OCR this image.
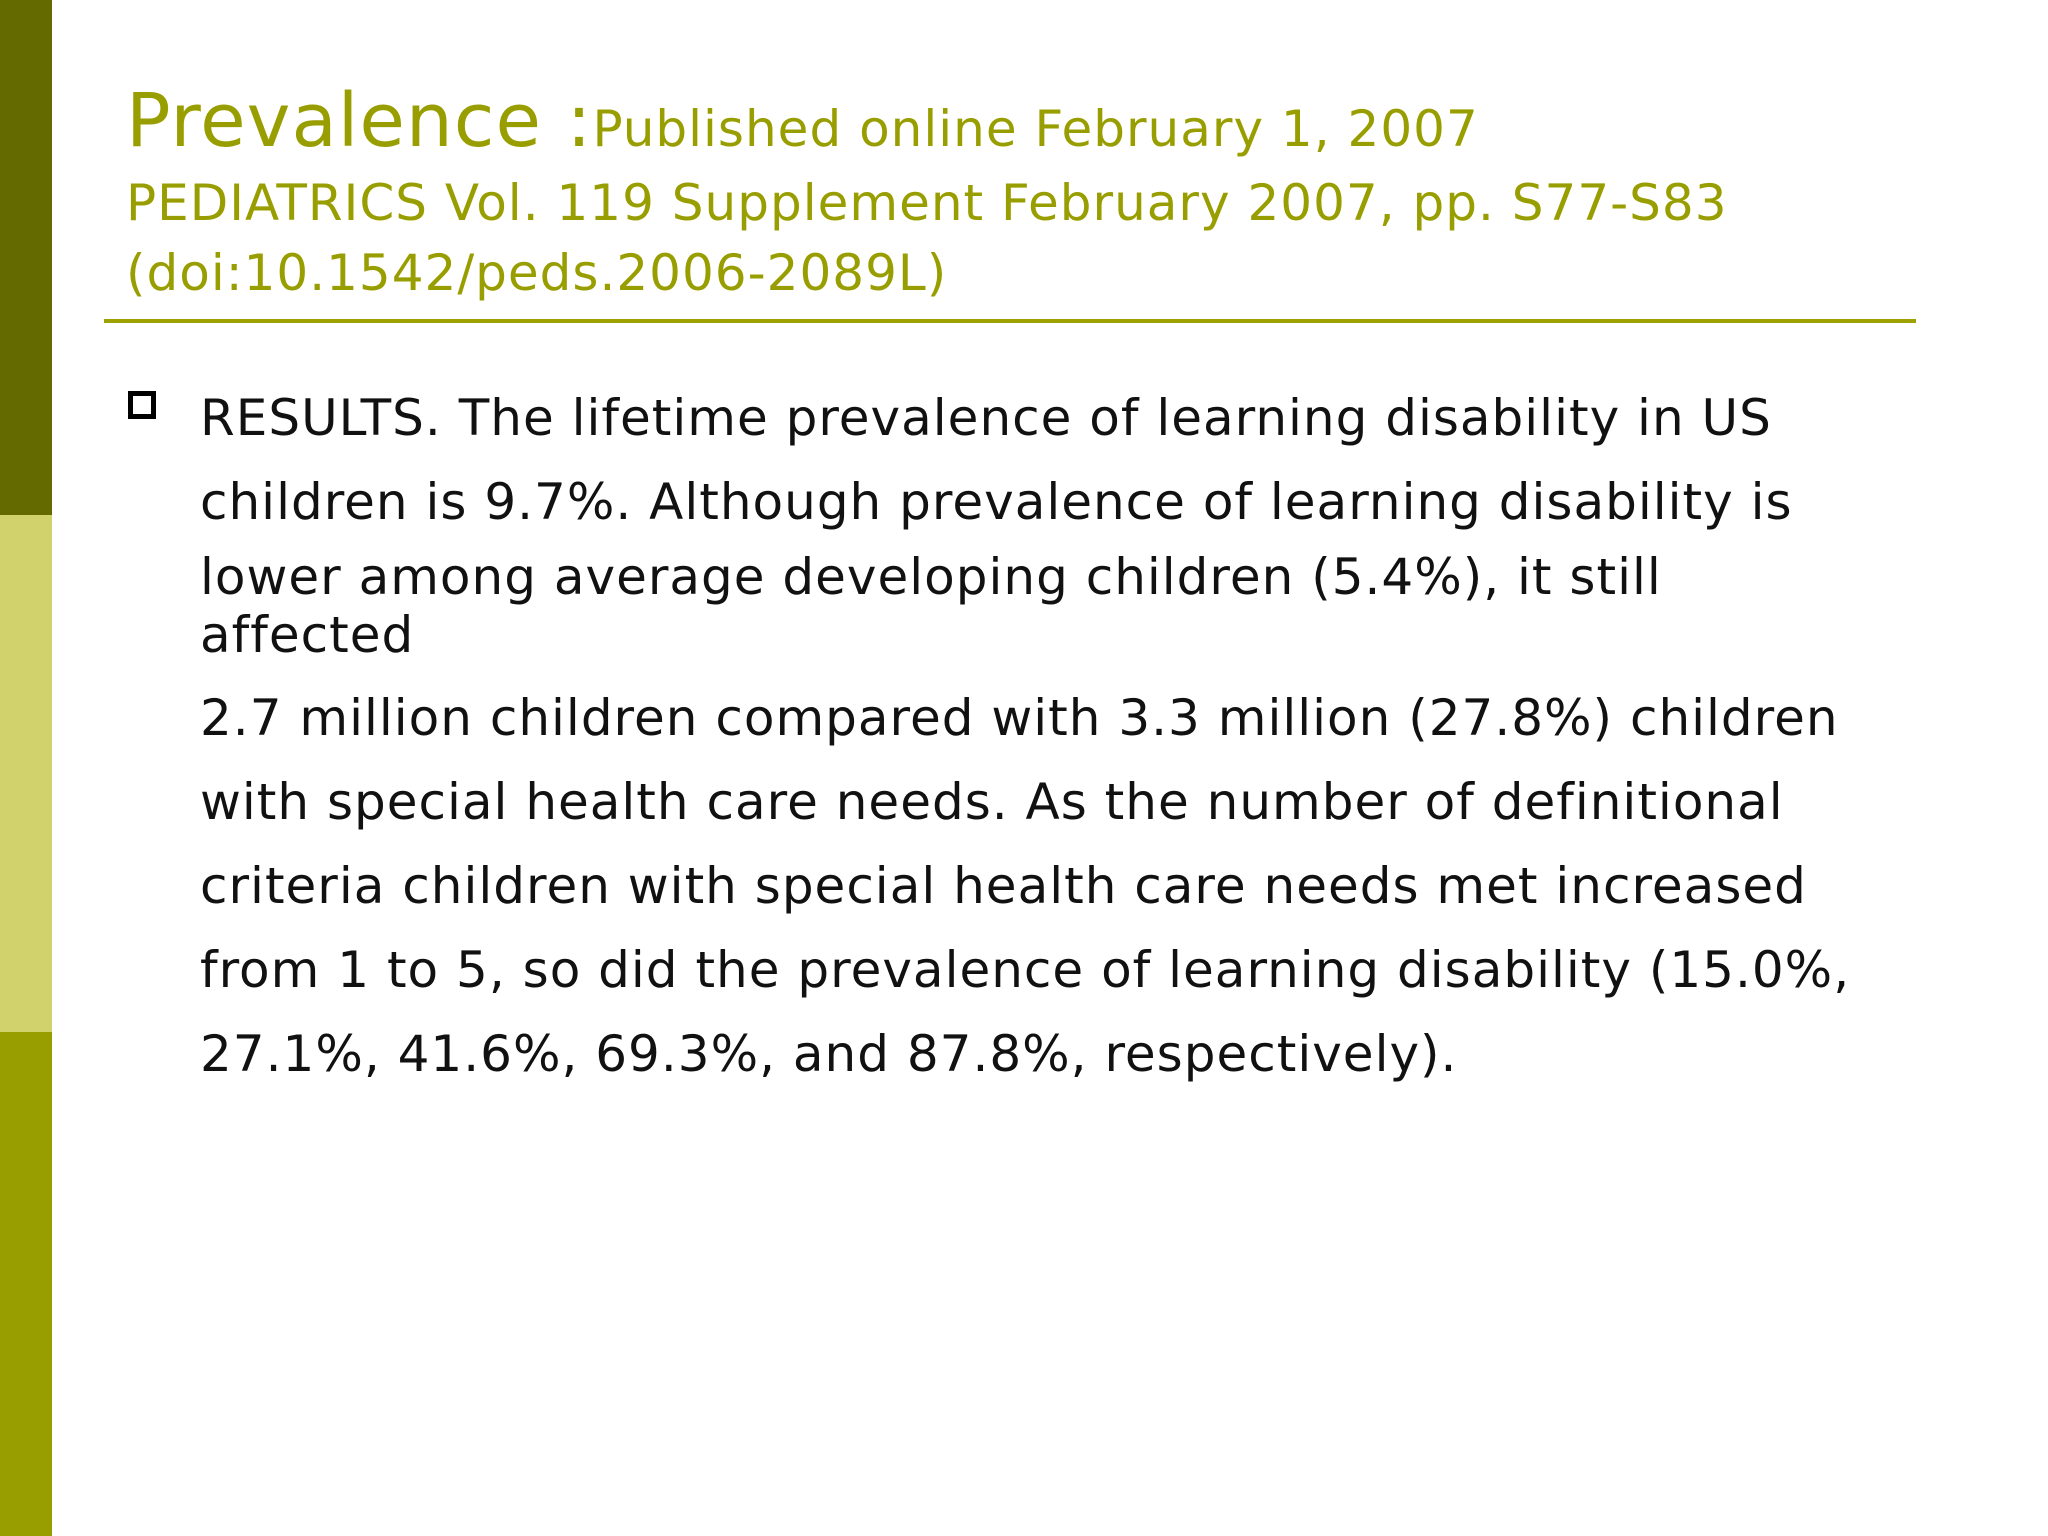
Prevalence :Published online February 1, 2007
PEDIATRICS Vol. 119 Supplement February 2007, pp. S77-S83
(doi:10.1542/peds.2006-2089L)
RESULTS. The lifetime prevalence of learning disability in US
children is 9.7%. Although prevalence of learning disability is
lower among average developing children (5.4%), it still
affected
2.7 million children compared with 3.3 million (27.8%) children
with special health care needs. As the number of definitional
criteria children with special health care needs met increased
from 1 to 5, so did the prevalence of learning disability (15.0%,
27.1%, 41.6%, 69.3%, and 87.8%, respectively).
